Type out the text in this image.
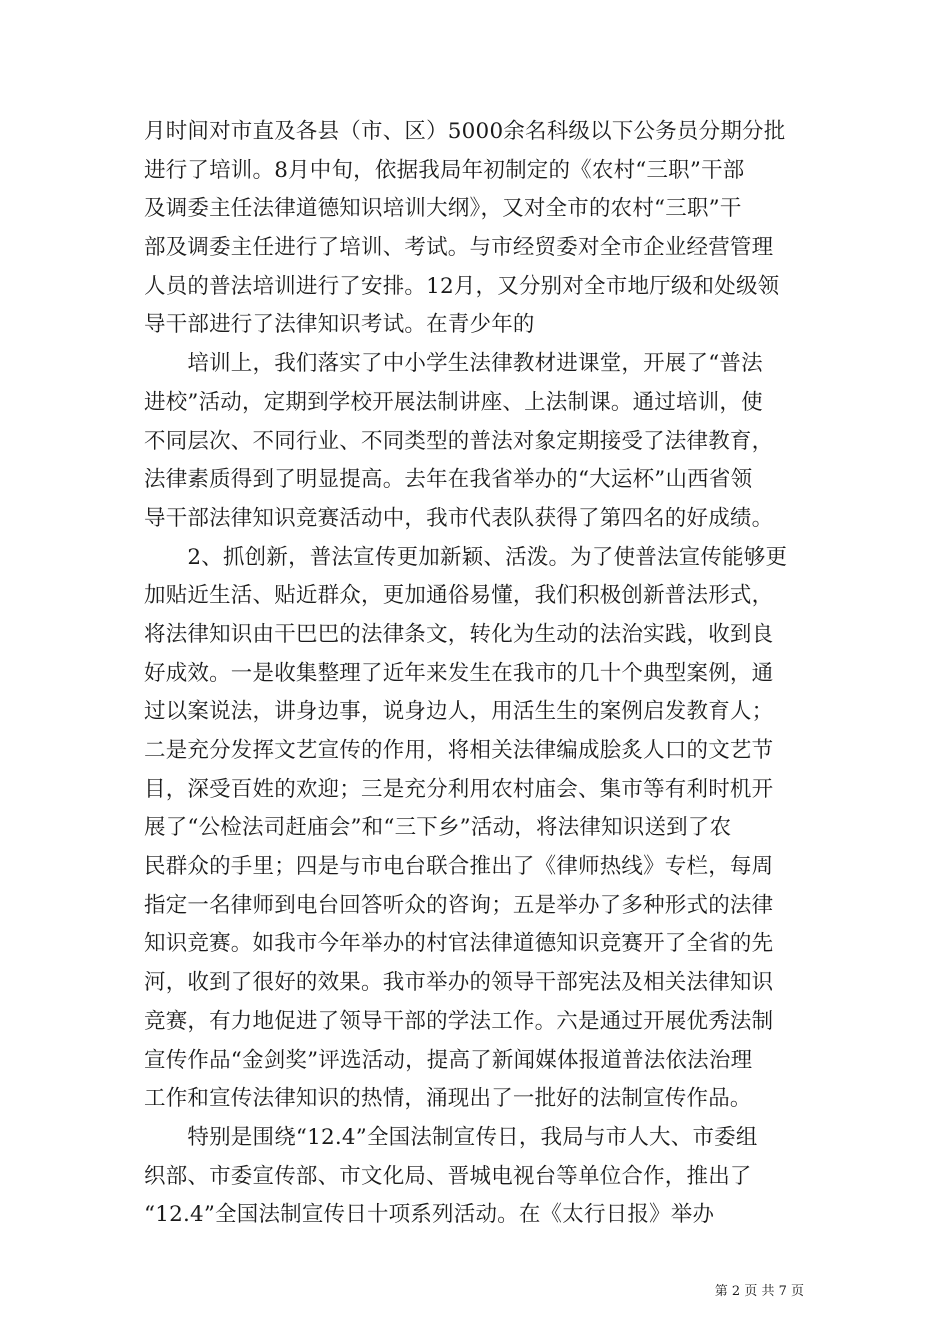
月时间对市直及各县（市、区）5000余名科级以下公务员分期分批
进行了培训。8月中旬，依据我局年初制定的《农村“三职”干部
及调委主任法律道德知识培训大纲》，又对全市的农村“三职”干
部及调委主任进行了培训、考试。与市经贸委对全市企业经营管理
人员的普法培训进行了安排。12月，又分别对全市地厅级和处级领
导干部进行了法律知识考试。在青少年的
　　培训上，我们落实了中小学生法律教材进课堂，开展了“普法
进校”活动，定期到学校开展法制讲座、上法制课。通过培训，使
不同层次、不同行业、不同类型的普法对象定期接受了法律教育，
法律素质得到了明显提高。去年在我省举办的“大运杯”山西省领
导干部法律知识竞赛活动中，我市代表队获得了第四名的好成绩。
　　2、抓创新，普法宣传更加新颖、活泼。为了使普法宣传能够更
加贴近生活、贴近群众，更加通俗易懂，我们积极创新普法形式，
将法律知识由干巴巴的法律条文，转化为生动的法治实践，收到良
好成效。一是收集整理了近年来发生在我市的几十个典型案例，通
过以案说法，讲身边事，说身边人，用活生生的案例启发教育人；
二是充分发挥文艺宣传的作用，将相关法律编成脍炙人口的文艺节
目，深受百姓的欢迎；三是充分利用农村庙会、集市等有利时机开
展了“公检法司赶庙会”和“三下乡”活动，将法律知识送到了农
民群众的手里；四是与市电台联合推出了《律师热线》专栏，每周
指定一名律师到电台回答听众的咨询；五是举办了多种形式的法律
知识竞赛。如我市今年举办的村官法律道德知识竞赛开了全省的先
河，收到了很好的效果。我市举办的领导干部宪法及相关法律知识
竞赛，有力地促进了领导干部的学法工作。六是通过开展优秀法制
宣传作品“金剑奖”评选活动，提高了新闻媒体报道普法依法治理
工作和宣传法律知识的热情，涌现出了一批好的法制宣传作品。
　　特别是围绕“12.4”全国法制宣传日，我局与市人大、市委组
织部、市委宣传部、市文化局、晋城电视台等单位合作，推出了
“12.4”全国法制宣传日十项系列活动。在《太行日报》举办
第 2 页 共 7 页
